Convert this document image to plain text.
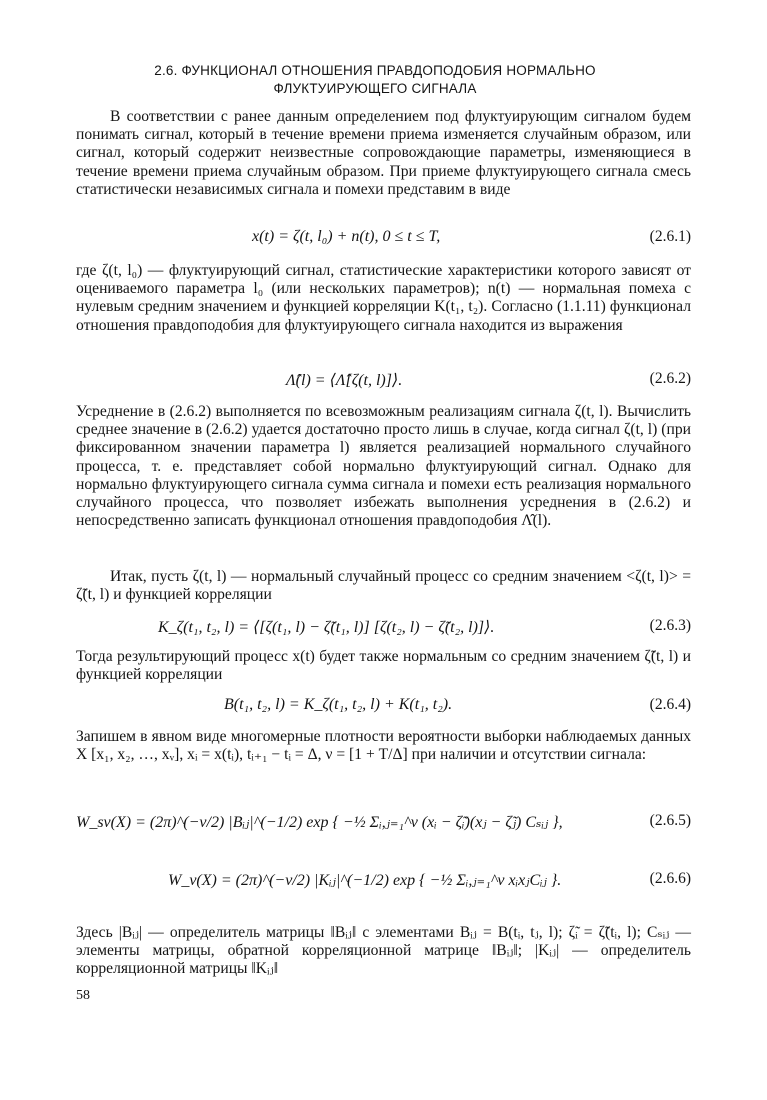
2.6. ФУНКЦИОНАЛ ОТНОШЕНИЯ ПРАВДОПОДОБИЯ НОРМАЛЬНО
ФЛУКТУИРУЮЩЕГО СИГНАЛА

В соответствии с ранее данным определением под флуктуирующим сигналом будем понимать сигнал, который в течение времени приема изменяется случайным образом, или сигнал, который содержит неизвестные сопровождающие параметры, изменяющиеся в течение времени приема случайным образом. При приеме флуктуирующего сигнала смесь статистически независимых сигнала и помехи представим в виде

x(t) = ζ(t, l₀) + n(t), 0 ≤ t ≤ T,	(2.6.1)

где ζ(t, l₀) — флуктуирующий сигнал, статистические характеристики которого зависят от оцениваемого параметра l₀ (или нескольких параметров); n(t) — нормальная помеха с нулевым средним значением и функцией корреляции K(t₁, t₂). Согласно (1.1.11) функционал отношения правдоподобия для флуктуирующего сигнала находится из выражения

Λ̂(l) = ⟨Λ̂[ζ(t, l)]⟩.	(2.6.2)

Усреднение в (2.6.2) выполняется по всевозможным реализациям сигнала ζ(t, l). Вычислить среднее значение в (2.6.2) удается достаточно просто лишь в случае, когда сигнал ζ(t, l) (при фиксированном значении параметра l) является реализацией нормального случайного процесса, т. е. представляет собой нормально флуктуирующий сигнал. Однако для нормально флуктуирующего сигнала сумма сигнала и помехи есть реализация нормального случайного процесса, что позволяет избежать выполнения усреднения в (2.6.2) и непосредственно записать функционал отношения правдоподобия Λ̂(l).

Итак, пусть ζ(t, l) — нормальный случайный процесс со средним значением <ζ(t, l)> = ζ̃(t, l) и функцией корреляции

K_ζ(t₁, t₂, l) = ⟨[ζ(t₁, l) − ζ̃(t₁, l)] [ζ(t₂, l) − ζ̃(t₂, l)]⟩.	(2.6.3)

Тогда результирующий процесс x(t) будет также нормальным со средним значением ζ̃(t, l) и функцией корреляции

B(t₁, t₂, l) = K_ζ(t₁, t₂, l) + K(t₁, t₂).	(2.6.4)

Запишем в явном виде многомерные плотности вероятности выборки наблюдаемых данных X [x₁, x₂, …, xᵥ], xᵢ = x(tᵢ), tᵢ₊₁ − tᵢ = Δ, ν = [1 + T/Δ] при наличии и отсутствии сигнала:

W_sν(X) = (2π)^(−ν/2) |Bᵢⱼ|^(−1/2) exp { −½ Σᵢ,ⱼ₌₁^ν (xᵢ − ζ̃ᵢ)(xⱼ − ζ̃ⱼ) Cₛᵢⱼ },	(2.6.5)
W_ν(X) = (2π)^(−ν/2) |Kᵢⱼ|^(−1/2) exp { −½ Σᵢ,ⱼ₌₁^ν xᵢxⱼCᵢⱼ }.	(2.6.6)

Здесь |Bᵢⱼ| — определитель матрицы ‖Bᵢⱼ‖ с элементами Bᵢⱼ = B(tᵢ, tⱼ, l); ζ̃ᵢ = ζ̃(tᵢ, l); Cₛᵢⱼ — элементы матрицы, обратной корреляционной матрице ‖Bᵢⱼ‖; |Kᵢⱼ| — определитель корреляционной матрицы ‖Kᵢⱼ‖

58
